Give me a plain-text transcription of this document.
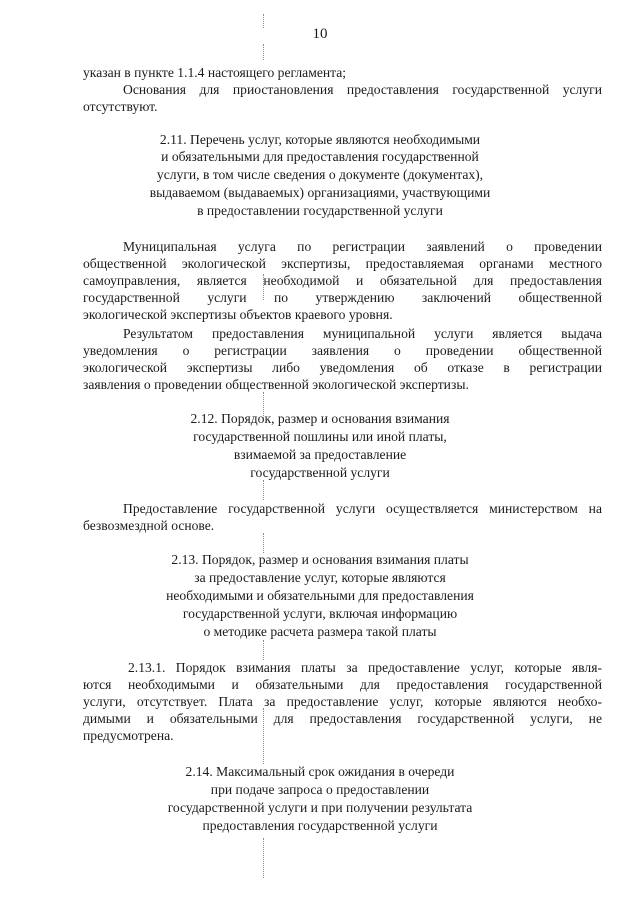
10
указан в пункте 1.1.4 настоящего регламента;
Основания для приостановления предоставления государственной услуги
отсутствуют.
2.11. Перечень услуг, которые являются необходимыми
и обязательными для предоставления государственной
услуги, в том числе сведения о документе (документах),
выдаваемом (выдаваемых) организациями, участвующими
в предоставлении государственной услуги
Муниципальная услуга по регистрации заявлений о проведении
общественной экологической экспертизы, предоставляемая органами местного
самоуправления, является необходимой и обязательной для предоставления
государственной услуги по утверждению заключений общественной
экологической экспертизы объектов краевого уровня.
Результатом предоставления муниципальной услуги является выдача
уведомления о регистрации заявления о проведении общественной
экологической экспертизы либо уведомления об отказе в регистрации
заявления о проведении общественной экологической экспертизы.
2.12. Порядок, размер и основания взимания
государственной пошлины или иной платы,
взимаемой за предоставление
государственной услуги
Предоставление государственной услуги осуществляется министерством на
безвозмездной основе.
2.13. Порядок, размер и основания взимания платы
за предоставление услуг, которые являются
необходимыми и обязательными для предоставления
государственной услуги, включая информацию
о методике расчета размера такой платы
2.13.1. Порядок взимания платы за предоставление услуг, которые явля-
ются необходимыми и обязательными для предоставления государственной
услуги, отсутствует. Плата за предоставление услуг, которые являются необхо-
димыми и обязательными для предоставления государственной услуги, не
предусмотрена.
2.14. Максимальный срок ожидания в очереди
при подаче запроса о предоставлении
государственной услуги и при получении результата
предоставления государственной услуги
